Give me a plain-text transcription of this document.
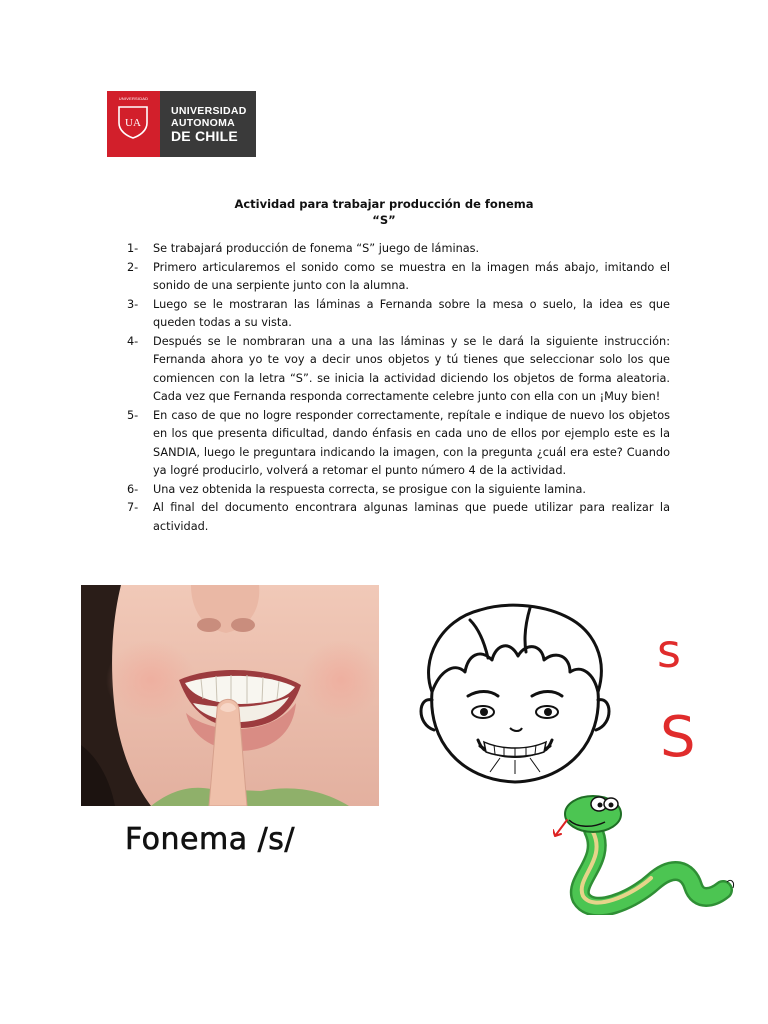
UNIVERSIDAD
UA
UNIVERSIDAD
AUTONOMA
DE CHILE
Actividad para trabajar producción de fonema
“S”
1- Se trabajará producción de fonema “S” juego de láminas.
2- Primero articularemos el sonido como se muestra en la imagen más abajo, imitando el sonido de una serpiente junto con la alumna.
3- Luego se le mostraran las láminas a Fernanda sobre la mesa o suelo, la idea es que queden todas a su vista.
4- Después se le nombraran una a una las láminas y se le dará la siguiente instrucción: Fernanda ahora yo te voy a decir unos objetos y tú tienes que seleccionar solo los que comiencen con la letra “S”. se inicia la actividad diciendo los objetos de forma aleatoria. Cada vez que Fernanda responda correctamente celebre junto con ella con un ¡Muy bien!
5- En caso de que no logre responder correctamente, repítale e indique de nuevo los objetos en los que presenta dificultad, dando énfasis en cada uno de ellos por ejemplo este es la SANDIA, luego le preguntara indicando la imagen, con la pregunta ¿cuál era este? Cuando ya logré producirlo, volverá a retomar el punto número 4 de la actividad.
6- Una vez obtenida la respuesta correcta, se prosigue con la siguiente lamina.
7- Al final del documento encontrara algunas laminas que puede utilizar para realizar la actividad.
Fonema /s/
s
S
